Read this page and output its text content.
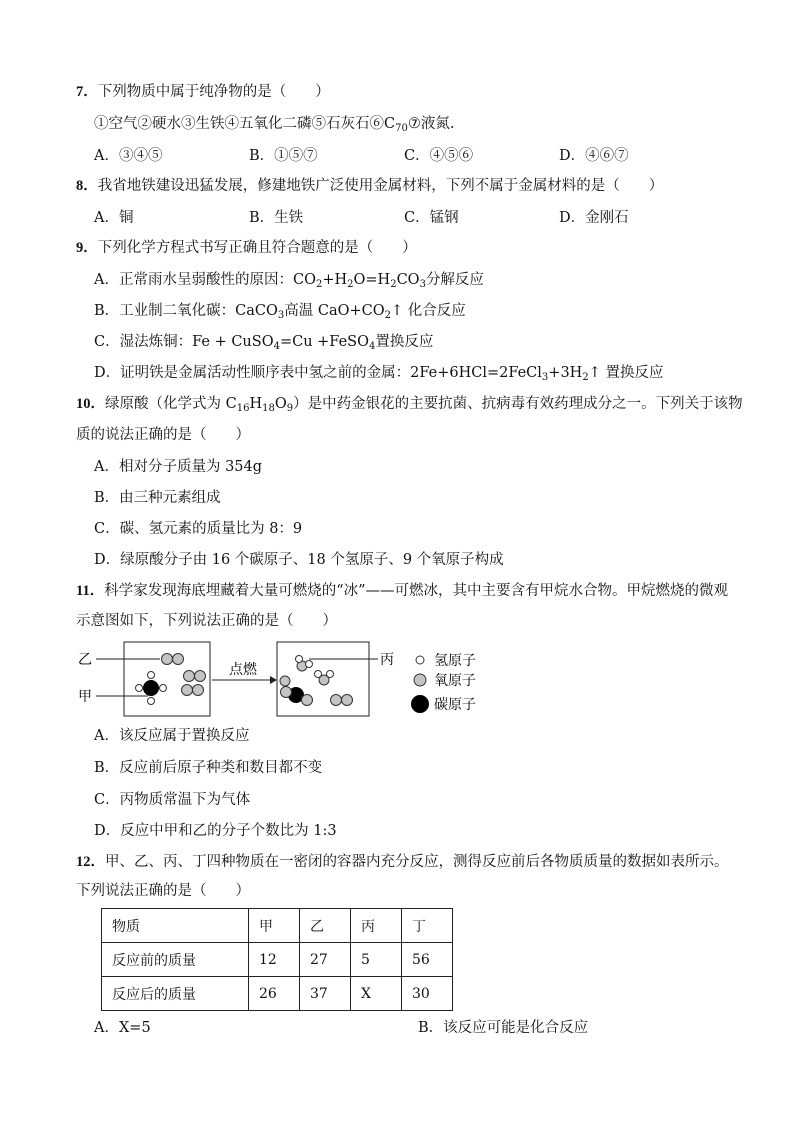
7．下列物质中属于纯净物的是（　　）
①空气②硬水③生铁④五氧化二磷⑤石灰石$⑥C_{70}⑦$液氮.
A．③④⑤	B．①⑤⑦	C．④⑤⑥	D．④⑥⑦
8．我省地铁建设迅猛发展，修建地铁广泛使用金属材料，下列不属于金属材料的是（　　）
A．铜	B．生铁	C．锰钢	D．金刚石
9．下列化学方程式书写正确且符合题意的是（　　）
A．正常雨水呈弱酸性的原因：$CO_2+H_2O=H_2CO_3$分解反应
B．工业制二氧化碳：CaCO$_3$高温 $CaO+CO_2↑$ 化合反应
C．湿法炼铜：Fe + CuSO$_4$=Cu +FeSO$_4$置换反应
D．证明铁是金属活动性顺序表中氢之前的金属：$2Fe+6HCl=2FeCl_3+3H_2↑$ 置换反应
10．绿原酸（化学式为 $C_{16}H_{18}O_9$）是中药金银花的主要抗菌、抗病毒有效药理成分之一。下列关于该物
质的说法正确的是（　　）
A．相对分子质量为 354g
B．由三种元素组成
C．碳、氢元素的质量比为 8：9
D．绿原酸分子由 16 个碳原子、18 个氢原子、9 个氧原子构成
11．科学家发现海底埋藏着大量可燃烧的“冰”——可燃冰，其中主要含有甲烷水合物。甲烷燃烧的微观
示意图如下，下列说法正确的是（　　）
乙
甲
点燃
丙	氢原子
氧原子
碳原子
A．该反应属于置换反应
B．反应前后原子种类和数目都不变
C．丙物质常温下为气体
D．反应中甲和乙的分子个数比为 1:3
12．甲、乙、丙、丁四种物质在一密闭的容器内充分反应，测得反应前后各物质质量的数据如表所示。
下列说法正确的是（　　）
物质	甲	乙	丙	丁
反应前的质量	12	27	5	56
反应后的质量	26	37	X	30
A．X=5	B．该反应可能是化合反应
